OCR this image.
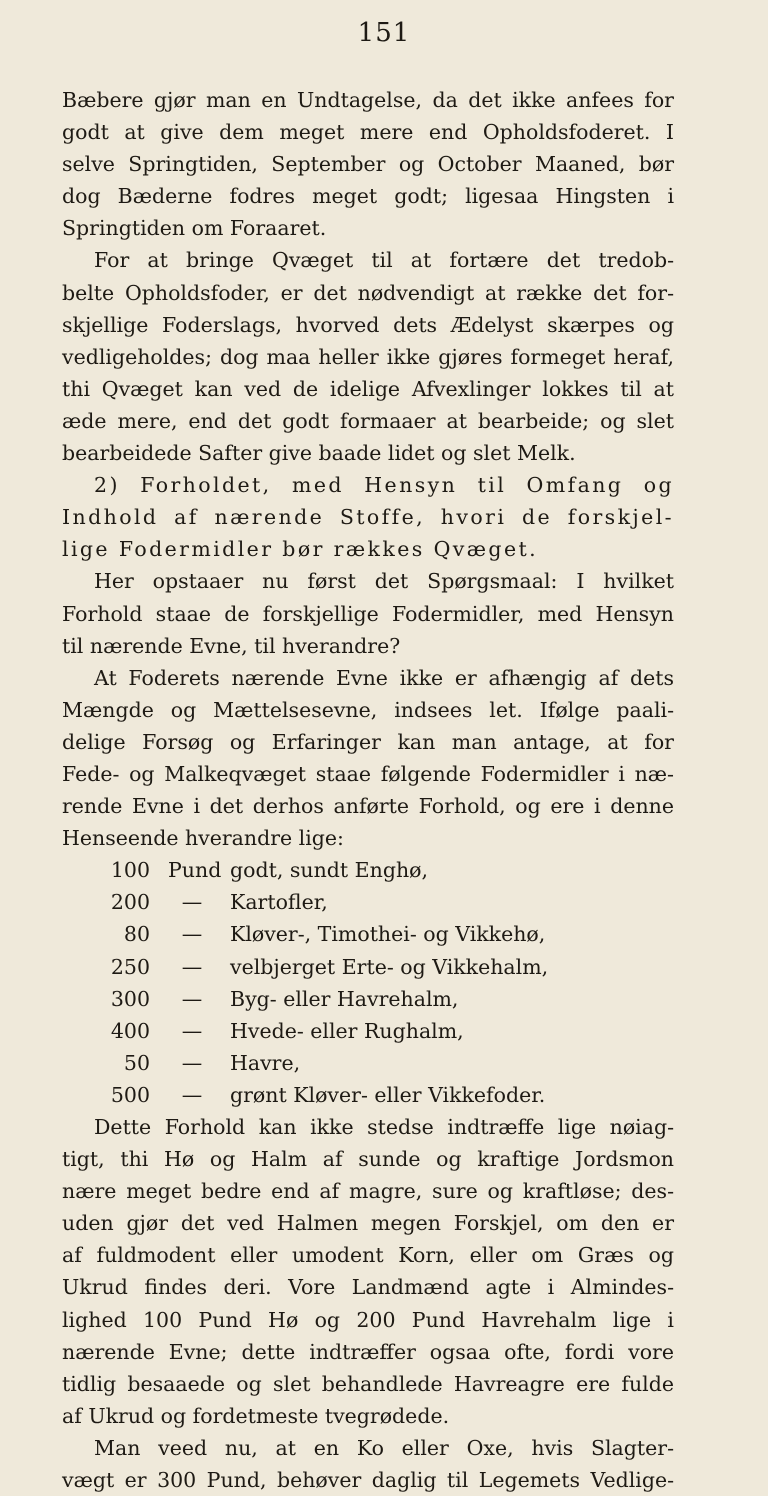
151
Bæbere gjør man en Undtagelse, da det ikke anfees for
godt at give dem meget mere end Opholdsfoderet. I
selve Springtiden, September og October Maaned, bør
dog Bæderne fodres meget godt; ligesaa Hingsten i
Springtiden om Foraaret.
For at bringe Qvæget til at fortære det tredob-
belte Opholdsfoder, er det nødvendigt at række det for-
skjellige Foderslags, hvorved dets Ædelyst skærpes og
vedligeholdes; dog maa heller ikke gjøres formeget heraf,
thi Qvæget kan ved de idelige Afvexlinger lokkes til at
æde mere, end det godt formaaer at bearbeide; og slet
bearbeidede Safter give baade lidet og slet Melk.
2) Forholdet, med Hensyn til Omfang og
Indhold af nærende Stoffe, hvori de forskjel-
lige Fodermidler bør rækkes Qvæget.
Her opstaaer nu først det Spørgsmaal: I hvilket
Forhold staae de forskjellige Fodermidler, med Hensyn
til nærende Evne, til hverandre?
At Foderets nærende Evne ikke er afhængig af dets
Mængde og Mættelsesevne, indsees let. Ifølge paali-
delige Forsøg og Erfaringer kan man antage, at for
Fede- og Malkeqvæget staae følgende Fodermidler i næ-
rende Evne i det derhos anførte Forhold, og ere i denne
Henseende hverandre lige:
100 Pund godt, sundt Enghø,
200	—	Kartofler,
80	—	Kløver-, Timothei- og Vikkehø,
250	—	velbjerget Erte- og Vikkehalm,
300	—	Byg- eller Havrehalm,
400	—	Hvede- eller Rughalm,
50	—	Havre,
500	—	grønt Kløver- eller Vikkefoder.
Dette Forhold kan ikke stedse indtræffe lige nøiag-
tigt, thi Hø og Halm af sunde og kraftige Jordsmon
nære meget bedre end af magre, sure og kraftløse; des-
uden gjør det ved Halmen megen Forskjel, om den er
af fuldmodent eller umodent Korn, eller om Græs og
Ukrud findes deri. Vore Landmænd agte i Almindes-
lighed 100 Pund Hø og 200 Pund Havrehalm lige i
nærende Evne; dette indtræffer ogsaa ofte, fordi vore
tidlig besaaede og slet behandlede Havreagre ere fulde
af Ukrud og fordetmeste tvegrødede.
Man veed nu, at en Ko eller Oxe, hvis Slagter-
vægt er 300 Pund, behøver daglig til Legemets Vedlige-
